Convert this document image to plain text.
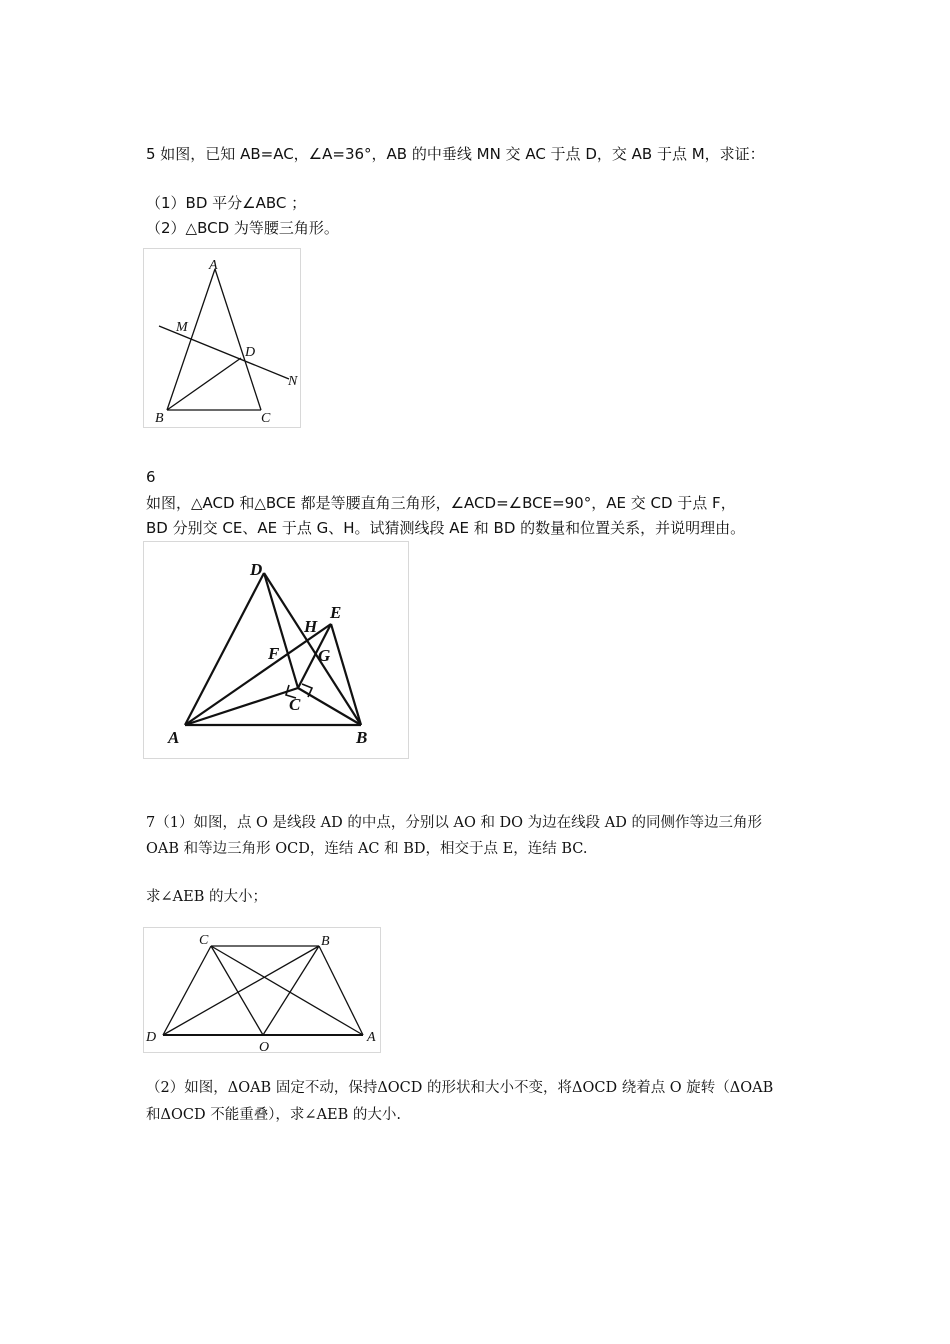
5 如图，已知 AB=AC，∠A=36°，AB 的中垂线 MN 交 AC 于点 D，交 AB 于点 M，求证：
（1）BD 平分∠ABC ；
（2）△BCD 为等腰三角形。
A
M
D
N
B	C
6
如图，△ACD 和△BCE 都是等腰直角三角形，∠ACD=∠BCE=90°，AE 交 CD 于点 F，
BD 分别交 CE、AE 于点 G、H。试猜测线段 AE 和 BD 的数量和位置关系，并说明理由。
D
H
E
F G
C
A	B
7（1）如图，点 O 是线段 AD 的中点，分别以 AO 和 DO 为边在线段 AD 的同侧作等边三角形
OAB 和等边三角形 OCD，连结 AC 和 BD，相交于点 E，连结 BC.
求∠AEB 的大小；
C	B
D
O
A
（2）如图，ΔOAB 固定不动，保持ΔOCD 的形状和大小不变，将ΔOCD 绕着点 O 旋转（ΔOAB
和ΔOCD 不能重叠），求∠AEB 的大小.
